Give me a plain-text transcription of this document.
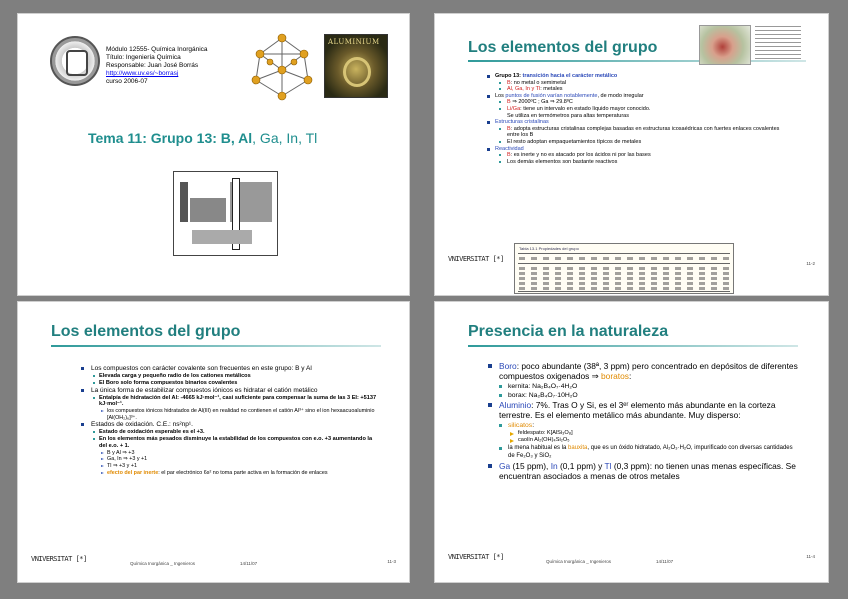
Módulo 12555- Química Inorgánica
Título: Ingeniería Química
Responsable: Juan José Borrás
http://www.uv.es/~borrasj
curso 2006-07
ALUMINIUM
Tema 11: Grupo 13: B, Al, Ga, In, Tl
Los elementos del grupo
Grupo 13: transición hacia el carácter metálico
B: no metal o semimetal
Al, Ga, In y Tl: metales
Los puntos de fusión varían notablemente, de modo irregular
B ⇒ 2000ºC ; Ga ⇒ 29.8ºC
Li/Ga: tiene un intervalo en estado líquido mayor conocido.
Se utiliza en termómetros para altas temperaturas
Estructuras cristalinas
B: adopta estructuras cristalinas complejas basadas en estructuras icosaédricas con fuertes enlaces covalentes entre los B
El resto adoptan empaquetamientos típicos de metales
Reactividad
B: es inerte y no es atacado por los ácidos ni por las bases
Los demás elementos son bastante reactivos
Tabla 13.1 Propiedades del grupo
VNIVERSITAT [*]
11-2
Los elementos del grupo
Los compuestos con carácter covalente son frecuentes en este grupo: B y Al
Elevada carga y pequeño radio de los cationes metálicos
El Boro solo forma compuestos binarios covalentes
La única forma de estabilizar compuestos iónicos es hidratar el catión metálico
Entalpía de hidratación del Al: -4665 kJ·mol⁻¹, casi suficiente para compensar la suma de las 3 EI: +5137 kJ·mol⁻¹.
los compuestos iónicos hidratados de Al(III) en realidad no contienen el catión Al³⁺ sino el ion hexaacuoaluminio [Al(OH₂)₆]³⁺.
Estados de oxidación. C.E.: ns²np¹.
Estado de oxidación esperable es el +3.
En los elementos más pesados disminuye la estabilidad de los compuestos con e.o. +3 aumentando la del e.o. + 1.
B y Al ⇒ +3
Ga, In ⇒ +3 y +1
Tl ⇒ +3 y +1
efecto del par inerte: el par electrónico 6s² no toma parte activa en la formación de enlaces
VNIVERSITAT [*]
Química Inorgánica _ Ingenieros	14/11/07	11-3
Presencia en la naturaleza
Boro: poco abundante (38ª, 3 ppm) pero concentrado en depósitos de diferentes compuestos oxigenados ⇒ boratos:
kernita: Na₂B₄O₇·4H₂O
borax: Na₂B₄O₇·10H₂O
Aluminio: 7%. Tras O y Si, es el 3ᵉʳ elemento más abundante en la corteza terrestre. Es el elemento metálico más abundante. Muy disperso:
silicatos:
feldespato: K[AlSi₃O₈]
caolín Al₂(OH)₄Si₂O₅
la mena habitual es la bauxita, que es un óxido hidratado, Al₂O₃·H₂O, impurificado con diversas cantidades de Fe₂O₃ y SiO₂
Ga (15 ppm), In (0,1 ppm) y Tl (0,3 ppm): no tienen unas menas específicas. Se encuentran asociados a menas de otros metales
VNIVERSITAT [*]
Química Inorgánica _ Ingenieros	14/11/07
11-4
